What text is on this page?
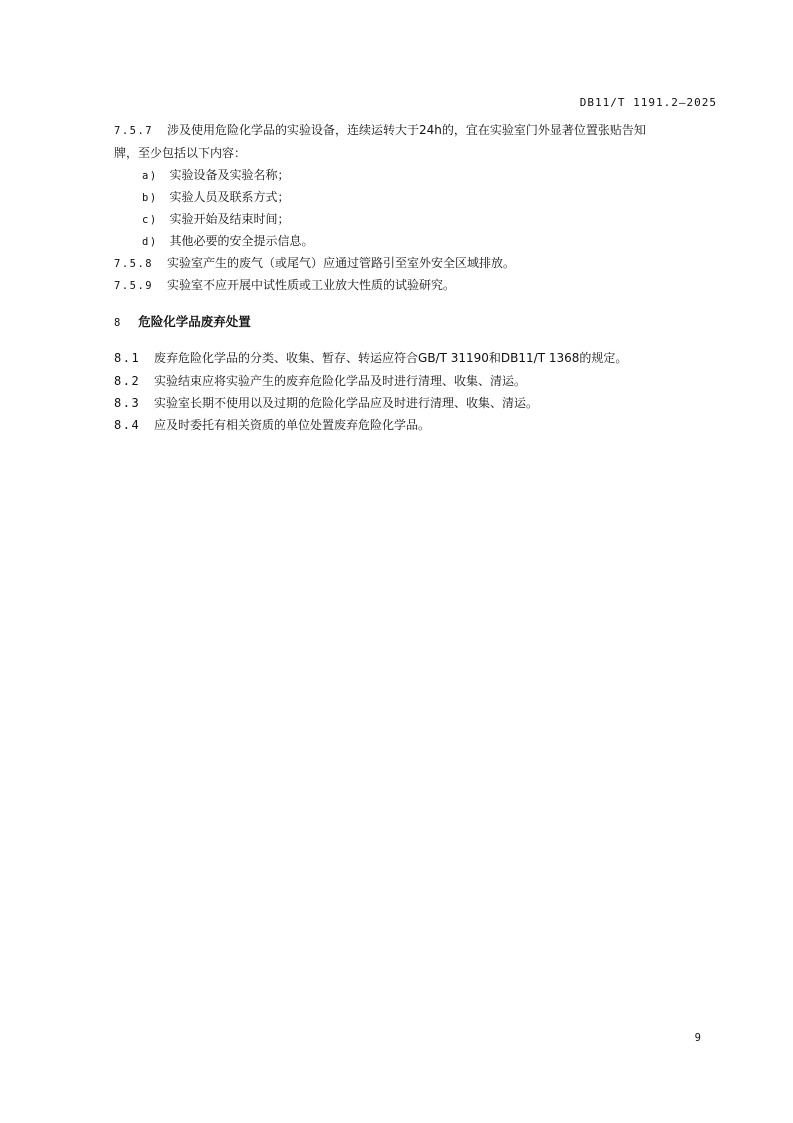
DB11/T 1191.2—2025
7.5.7 涉及使用危险化学品的实验设备，连续运转大于24h的，宜在实验室门外显著位置张贴告知
牌，至少包括以下内容：
a) 实验设备及实验名称；
b) 实验人员及联系方式；
c) 实验开始及结束时间；
d) 其他必要的安全提示信息。
7.5.8 实验室产生的废气（或尾气）应通过管路引至室外安全区域排放。
7.5.9 实验室不应开展中试性质或工业放大性质的试验研究。
8 危险化学品废弃处置
8.1 废弃危险化学品的分类、收集、暂存、转运应符合GB/T 31190和DB11/T 1368的规定。
8.2 实验结束应将实验产生的废弃危险化学品及时进行清理、收集、清运。
8.3 实验室长期不使用以及过期的危险化学品应及时进行清理、收集、清运。
8.4 应及时委托有相关资质的单位处置废弃危险化学品。
9
